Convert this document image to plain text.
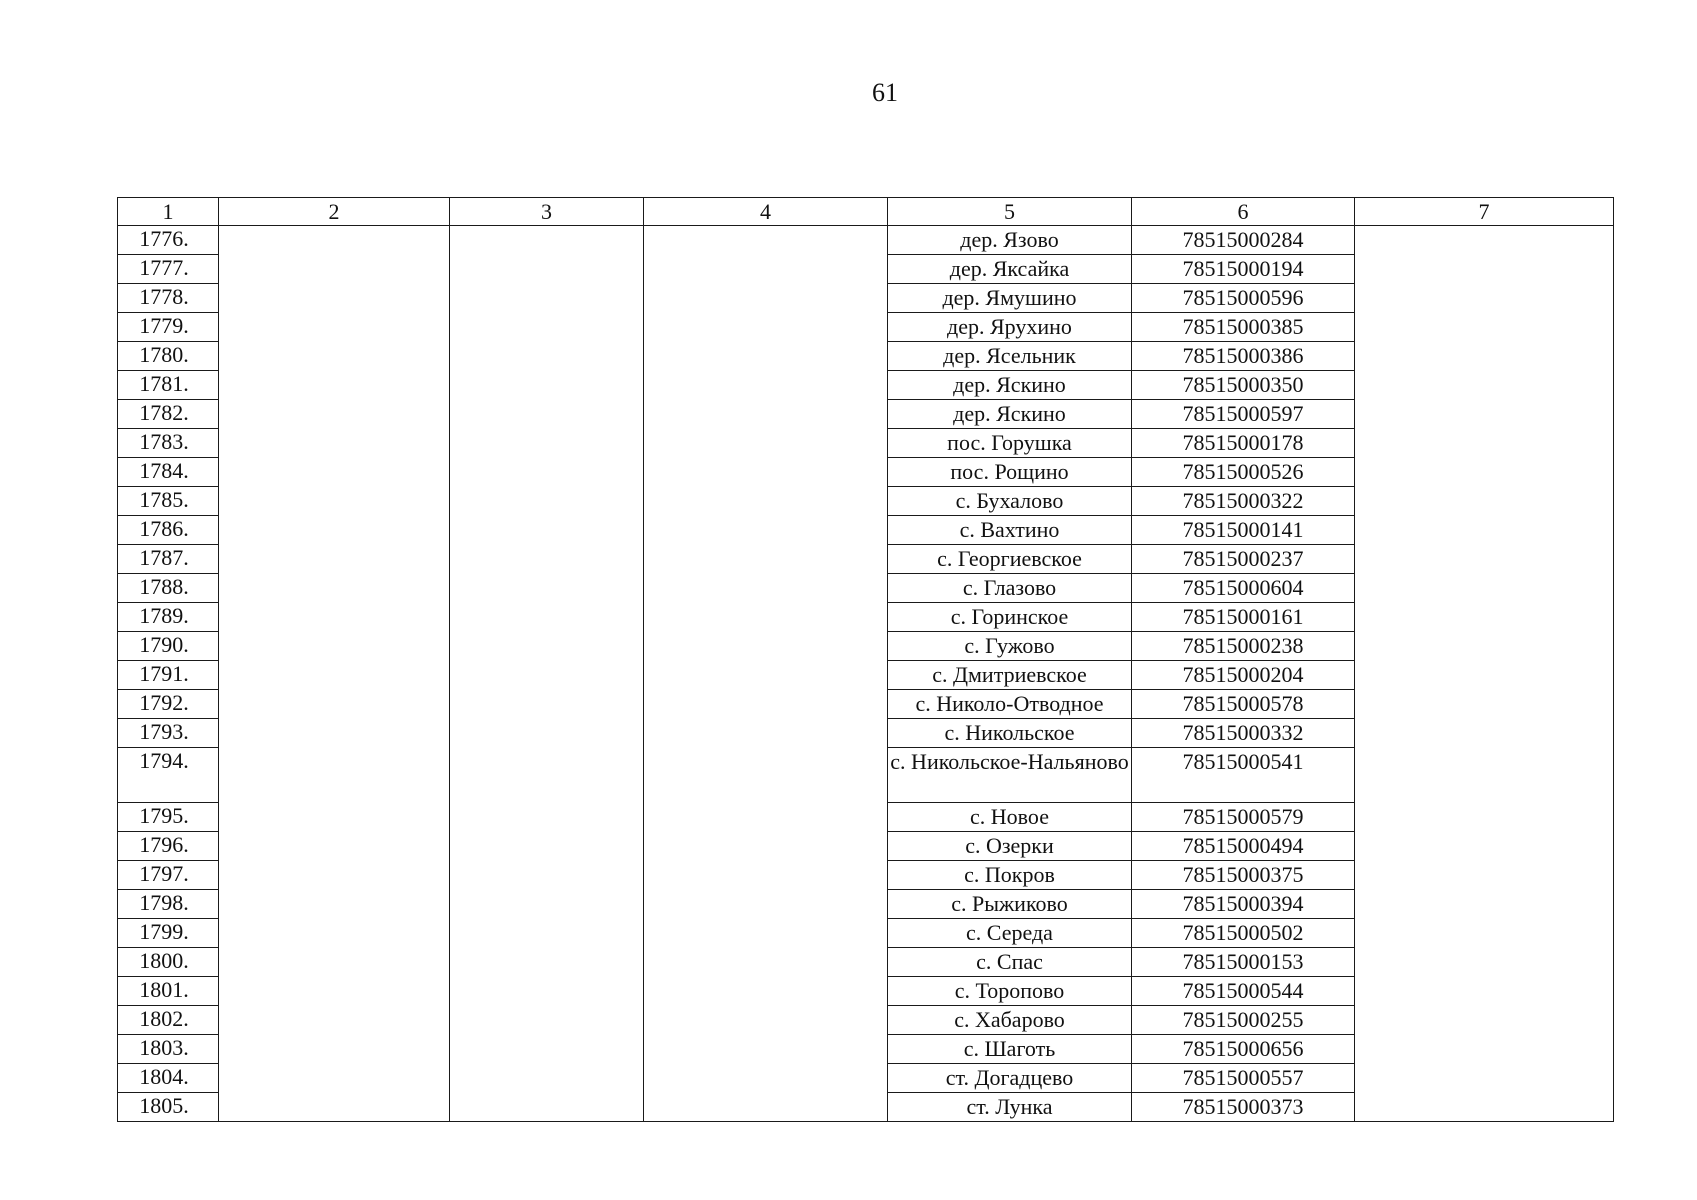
61
1	2	3	4	5	6	7
1776.				дер. Язово	78515000284	
1777.				дер. Яксайка	78515000194	
1778.				дер. Ямушино	78515000596	
1779.				дер. Ярухино	78515000385	
1780.				дер. Ясельник	78515000386	
1781.				дер. Яскино	78515000350	
1782.				дер. Яскино	78515000597	
1783.				пос. Горушка	78515000178	
1784.				пос. Рощино	78515000526	
1785.				с. Бухалово	78515000322	
1786.				с. Вахтино	78515000141	
1787.				с. Георгиевское	78515000237	
1788.				с. Глазово	78515000604	
1789.				с. Горинское	78515000161	
1790.				с. Гужово	78515000238	
1791.				с. Дмитриевское	78515000204	
1792.				с. Николо-Отводное	78515000578	
1793.				с. Никольское	78515000332	
1794.				с. Никольское-Нальяново	78515000541	
1795.				с. Новое	78515000579	
1796.				с. Озерки	78515000494	
1797.				с. Покров	78515000375	
1798.				с. Рыжиково	78515000394	
1799.				с. Середа	78515000502	
1800.				с. Спас	78515000153	
1801.				с. Торопово	78515000544	
1802.				с. Хабарово	78515000255	
1803.				с. Шаготь	78515000656	
1804.				ст. Догадцево	78515000557	
1805.				ст. Лунка	78515000373	
